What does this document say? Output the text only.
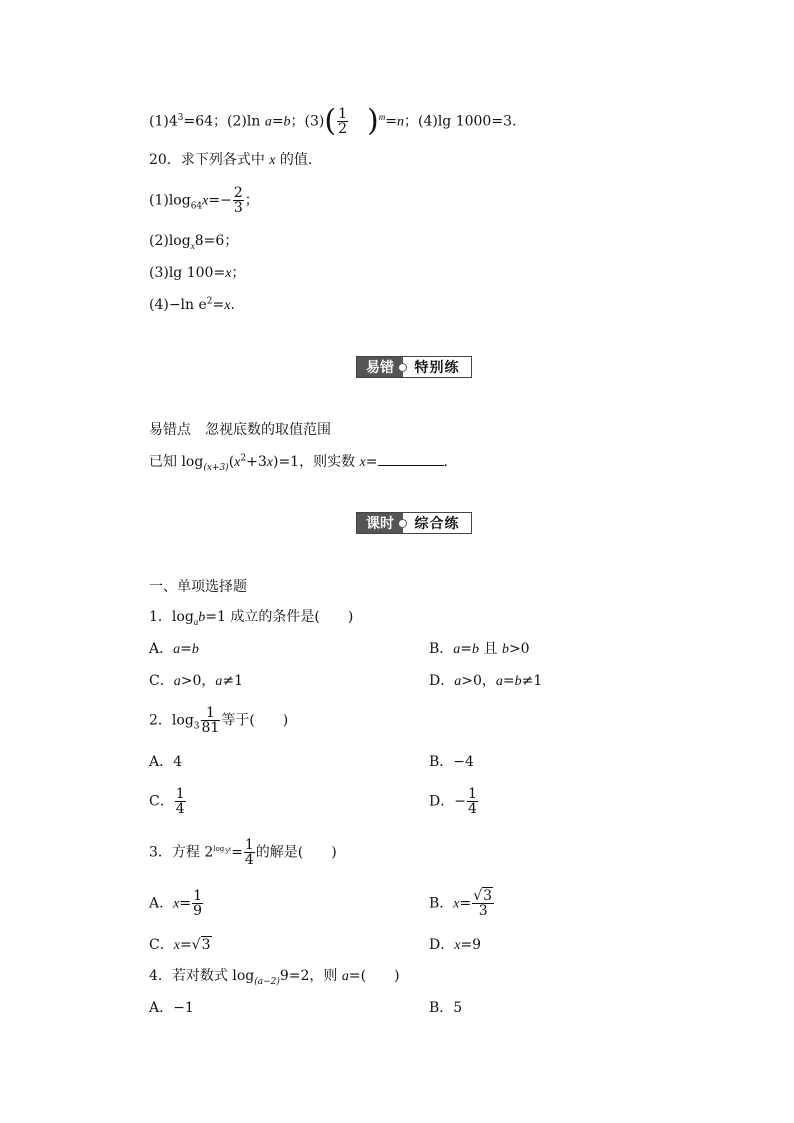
$(1)4^3=64$；(2)ln a=b；$(3)( \frac{1}{2} )^m=n$；(4)lg 1000=3.
20．求下列各式中 x 的值.
$(1)\log_{64}x=- \frac{2}{3}$ ；
$(2)\log_x8=6$；
(3)lg 100=x；
(4)−ln $e^2=x$.
易错	特别练
易错点　忽视底数的取值范围
已知 $\log_{(x+3)}(x^2+3x)=1$，则实数 x=	.
课时	综合练
一、单项选择题
1．$\log_ab=1$ 成立的条件是(　　)
A．a=b	B．a=b 且 b>0
C．a>0，a≠1	D．a>0，a=b≠1
2．$\log_3 \frac{1}{81}$ 等于(　　)
A．4	B．−4
C． $\frac{1}{4}$	D．− $\frac{1}{4}$
3．方程 $2^{log_3x}= \frac{1}{4}$ 的解是(　　)
A．$x= \frac{1}{9}$	B．$x= \frac{√3}{3}$
C．x=√3	D．x=9
4．若对数式 $\log_{(a-2)}9=2$，则 a=(　　)
A．−1	B．5
